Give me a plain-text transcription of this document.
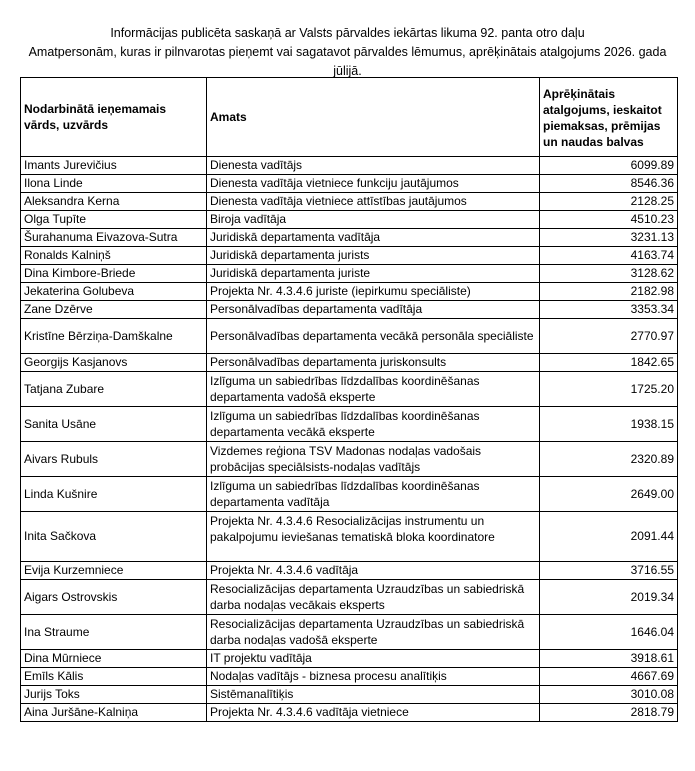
Informācijas publicēta saskaņā ar Valsts pārvaldes iekārtas likuma 92. panta otro daļu
Amatpersonām, kuras ir pilnvarotas pieņemt vai sagatavot pārvaldes lēmumus, aprēķinātais atalgojums 2026. gada jūlijā.
Nodarbinātā ieņemamais vārds, uzvārds	Amats	Aprēķinātais atalgojums, ieskaitot piemaksas, prēmijas un naudas balvas
Imants Jurevičius	Dienesta vadītājs	6099.89
Ilona Linde	Dienesta vadītāja vietniece funkciju jautājumos	8546.36
Aleksandra Kerna	Dienesta vadītāja vietniece attīstības jautājumos	2128.25
Olga Tupīte	Biroja vadītāja	4510.23
Šurahanuma Eivazova-Sutra	Juridiskā departamenta vadītāja	3231.13
Ronalds Kalniņš	Juridiskā departamenta jurists	4163.74
Dina Kimbore-Briede	Juridiskā departamenta juriste	3128.62
Jekaterina Golubeva	Projekta Nr. 4.3.4.6 juriste (iepirkumu speciāliste)	2182.98
Zane Dzērve	Personālvadības departamenta vadītāja	3353.34
Kristīne Bērziņa-Damškalne	Personālvadības departamenta vecākā personāla speciāliste	2770.97
Georgijs Kasjanovs	Personālvadības departamenta juriskonsults	1842.65
Tatjana Zubare	Izlīguma un sabiedrības līdzdalības koordinēšanas departamenta vadošā eksperte	1725.20
Sanita Usāne	Izlīguma un sabiedrības līdzdalības koordinēšanas departamenta vecākā eksperte	1938.15
Aivars Rubuls	Vizdemes reģiona TSV Madonas nodaļas vadošais probācijas speciālsists-nodaļas vadītājs	2320.89
Linda Kušnire	Izlīguma un sabiedrības līdzdalības koordinēšanas departamenta vadītāja	2649.00
Inita Sačkova	Projekta Nr. 4.3.4.6 Resocializācijas instrumentu un pakalpojumu ieviešanas tematiskā bloka koordinatore	2091.44
Evija Kurzemniece	Projekta Nr. 4.3.4.6 vadītāja	3716.55
Aigars Ostrovskis	Resocializācijas departamenta Uzraudzības un sabiedriskā darba nodaļas vecākais eksperts	2019.34
Ina Straume	Resocializācijas departamenta Uzraudzības un sabiedriskā darba nodaļas vadošā eksperte	1646.04
Dina Mūrniece	IT projektu vadītāja	3918.61
Emīls Kālis	Nodaļas vadītājs - biznesa procesu analītiķis	4667.69
Jurijs Toks	Sistēmanalītiķis	3010.08
Aina Juršāne-Kalniņa	Projekta Nr. 4.3.4.6 vadītāja vietniece	2818.79
